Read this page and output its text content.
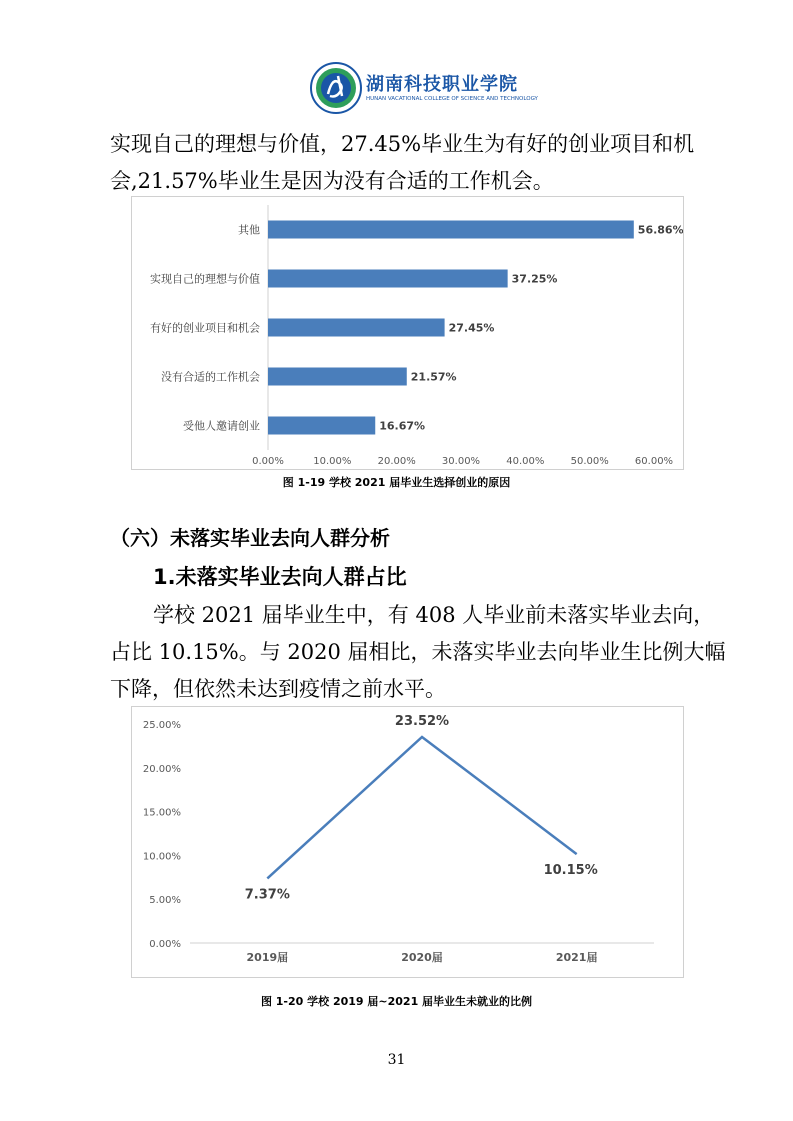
湖南科技职业学院
HUNAN VACATIONAL COLLEGE OF SCIENCE AND TECHNOLOGY
实现自己的理想与价值，27.45%毕业生为有好的创业项目和机
会,21.57%毕业生是因为没有合适的工作机会。
其他	56.86%
实现自己的理想与价值	37.25%
有好的创业项目和机会	27.45%
没有合适的工作机会	21.57%
受他人邀请创业	16.67%
0.00%	10.00%	20.00%	30.00%	40.00%	50.00%	60.00%
图 1-19 学校 2021 届毕业生选择创业的原因
（六）未落实毕业去向人群分析
1.未落实毕业去向人群占比
学校 2021 届毕业生中，有 408 人毕业前未落实毕业去向，
占比 10.15%。与 2020 届相比，未落实毕业去向毕业生比例大幅
下降，但依然未达到疫情之前水平。
0.00%
5.00%
10.00%
15.00%
20.00%
25.00%
2019届	2020届	2021届
7.37%
23.52%
10.15%
图 1-20 学校 2019 届~2021 届毕业生未就业的比例
31
